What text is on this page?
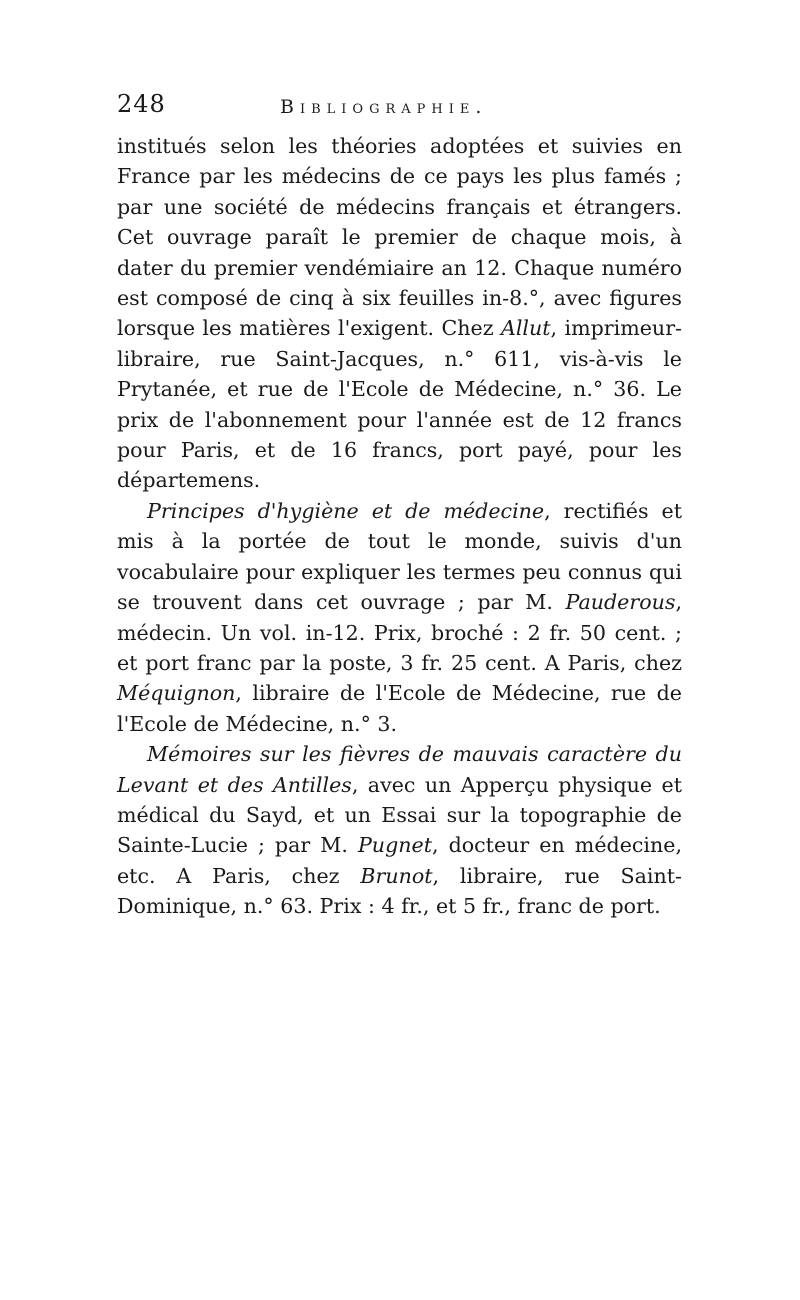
248	Bibliographie.

institués selon les théories adoptées et suivies en France par les médecins de ce pays les plus famés ; par une société de médecins français et étrangers. Cet ouvrage paraît le premier de chaque mois, à dater du premier vendémiaire an 12. Chaque numéro est composé de cinq à six feuilles in-8.°, avec figures lorsque les matières l'exigent. Chez Allut, imprimeur-libraire, rue Saint-Jacques, n.° 611, vis-à-vis le Prytanée, et rue de l'Ecole de Médecine, n.° 36. Le prix de l'abonnement pour l'année est de 12 francs pour Paris, et de 16 francs, port payé, pour les départemens.

Principes d'hygiène et de médecine, rectifiés et mis à la portée de tout le monde, suivis d'un vocabulaire pour expliquer les termes peu connus qui se trouvent dans cet ouvrage ; par M. Pauderous, médecin. Un vol. in-12. Prix, broché : 2 fr. 50 cent. ; et port franc par la poste, 3 fr. 25 cent. A Paris, chez Méquignon, libraire de l'Ecole de Médecine, rue de l'Ecole de Médecine, n.° 3.

Mémoires sur les fièvres de mauvais caractère du Levant et des Antilles, avec un Apperçu physique et médical du Sayd, et un Essai sur la topographie de Sainte-Lucie ; par M. Pugnet, docteur en médecine, etc. A Paris, chez Brunot, libraire, rue Saint-Dominique, n.° 63. Prix : 4 fr., et 5 fr., franc de port.
